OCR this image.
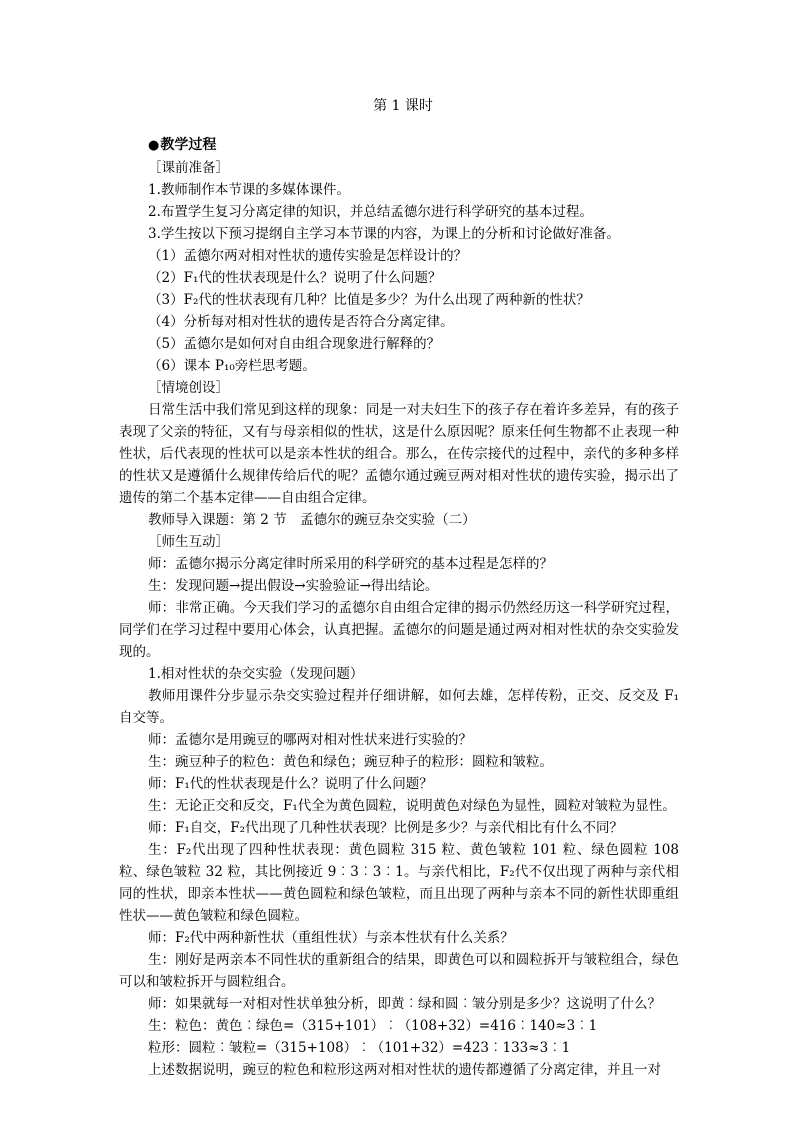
第 1 课时
●教学过程

［课前准备］

1.教师制作本节课的多媒体课件。

2.布置学生复习分离定律的知识，并总结孟德尔进行科学研究的基本过程。

3.学生按以下预习提纲自主学习本节课的内容，为课上的分析和讨论做好准备。

（1）孟德尔两对相对性状的遗传实验是怎样设计的？

（2）F₁代的性状表现是什么？说明了什么问题？

（3）F₂代的性状表现有几种？比值是多少？为什么出现了两种新的性状？

（4）分析每对相对性状的遗传是否符合分离定律。

（5）孟德尔是如何对自由组合现象进行解释的？

（6）课本 P₁₀旁栏思考题。

［情境创设］

日常生活中我们常见到这样的现象：同是一对夫妇生下的孩子存在着许多差异，有的孩子表现了父亲的特征，又有与母亲相似的性状，这是什么原因呢？原来任何生物都不止表现一种性状，后代表现的性状可以是亲本性状的组合。那么，在传宗接代的过程中，亲代的多种多样的性状又是遵循什么规律传给后代的呢？孟德尔通过豌豆两对相对性状的遗传实验，揭示出了遗传的第二个基本定律——自由组合定律。

教师导入课题：第 2 节　孟德尔的豌豆杂交实验（二）

［师生互动］

师：孟德尔揭示分离定律时所采用的科学研究的基本过程是怎样的？

生：发现问题→提出假设→实验验证→得出结论。

师：非常正确。今天我们学习的孟德尔自由组合定律的揭示仍然经历这一科学研究过程，同学们在学习过程中要用心体会，认真把握。孟德尔的问题是通过两对相对性状的杂交实验发现的。

1.相对性状的杂交实验（发现问题）

教师用课件分步显示杂交实验过程并仔细讲解，如何去雄，怎样传粉，正交、反交及 F₁自交等。

师：孟德尔是用豌豆的哪两对相对性状来进行实验的？

生：豌豆种子的粒色：黄色和绿色；豌豆种子的粒形：圆粒和皱粒。

师：F₁代的性状表现是什么？说明了什么问题？

生：无论正交和反交，F₁代全为黄色圆粒，说明黄色对绿色为显性，圆粒对皱粒为显性。

师：F₁自交，F₂代出现了几种性状表现？比例是多少？与亲代相比有什么不同？

生：F₂代出现了四种性状表现：黄色圆粒 315 粒、黄色皱粒 101 粒、绿色圆粒 108 粒、绿色皱粒 32 粒，其比例接近 9︰3︰3︰1。与亲代相比，F₂代不仅出现了两种与亲代相同的性状，即亲本性状——黄色圆粒和绿色皱粒，而且出现了两种与亲本不同的新性状即重组性状——黄色皱粒和绿色圆粒。

师：F₂代中两种新性状（重组性状）与亲本性状有什么关系？

生：刚好是两亲本不同性状的重新组合的结果，即黄色可以和圆粒拆开与皱粒组合，绿色可以和皱粒拆开与圆粒组合。

师：如果就每一对相对性状单独分析，即黄︰绿和圆︰皱分别是多少？这说明了什么？

生：粒色：黄色︰绿色=（315+101）︰（108+32）=416︰140≈3︰1

粒形：圆粒︰皱粒=（315+108）︰（101+32）=423︰133≈3︰1

上述数据说明，豌豆的粒色和粒形这两对相对性状的遗传都遵循了分离定律，并且一对
